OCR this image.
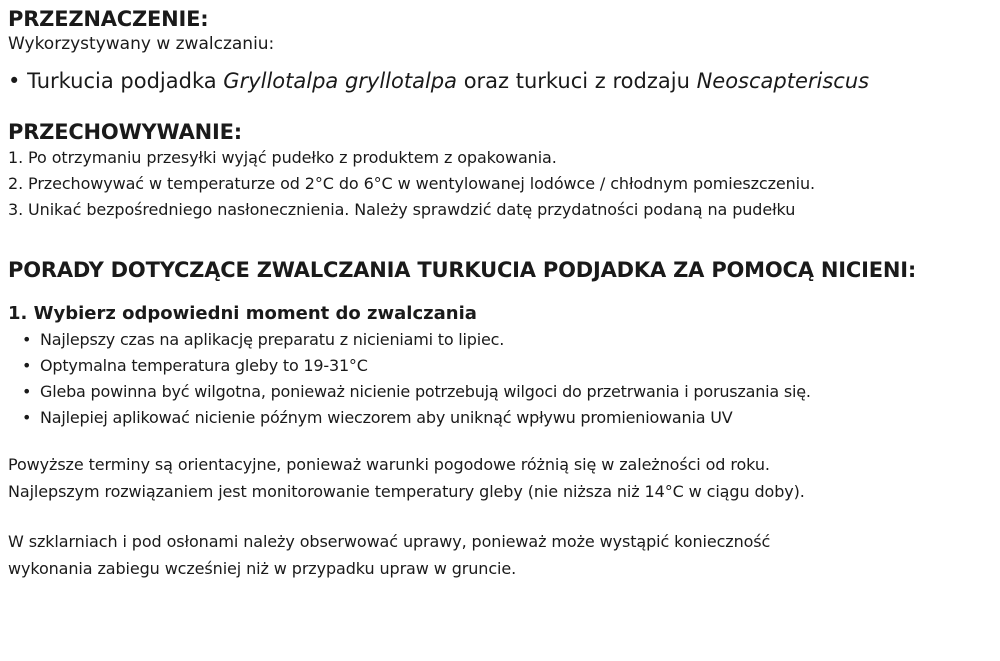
PRZEZNACZENIE:

Wykorzystywany w zwalczaniu:

• Turkucia podjadka Gryllotalpa gryllotalpa oraz turkuci z rodzaju Neoscapteriscus

PRZECHOWYWANIE:

1. Po otrzymaniu przesyłki wyjąć pudełko z produktem z opakowania.

2. Przechowywać w temperaturze od 2°C do 6°C w wentylowanej lodówce / chłodnym pomieszczeniu.

3. Unikać bezpośredniego nasłonecznienia. Należy sprawdzić datę przydatności podaną na pudełku

PORADY DOTYCZĄCE ZWALCZANIA TURKUCIA PODJADKA ZA POMOCĄ NICIENI:

1. Wybierz odpowiedni moment do zwalczania

• Najlepszy czas na aplikację preparatu z nicieniami to lipiec.
• Optymalna temperatura gleby to 19-31°C
• Gleba powinna być wilgotna, ponieważ nicienie potrzebują wilgoci do przetrwania i poruszania się.
• Najlepiej aplikować nicienie późnym wieczorem aby uniknąć wpływu promieniowania UV

Powyższe terminy są orientacyjne, ponieważ warunki pogodowe różnią się w zależności od roku.

Najlepszym rozwiązaniem jest monitorowanie temperatury gleby (nie niższa niż 14°C w ciągu doby).

W szklarniach i pod osłonami należy obserwować uprawy, ponieważ może wystąpić konieczność

wykonania zabiegu wcześniej niż w przypadku upraw w gruncie.
